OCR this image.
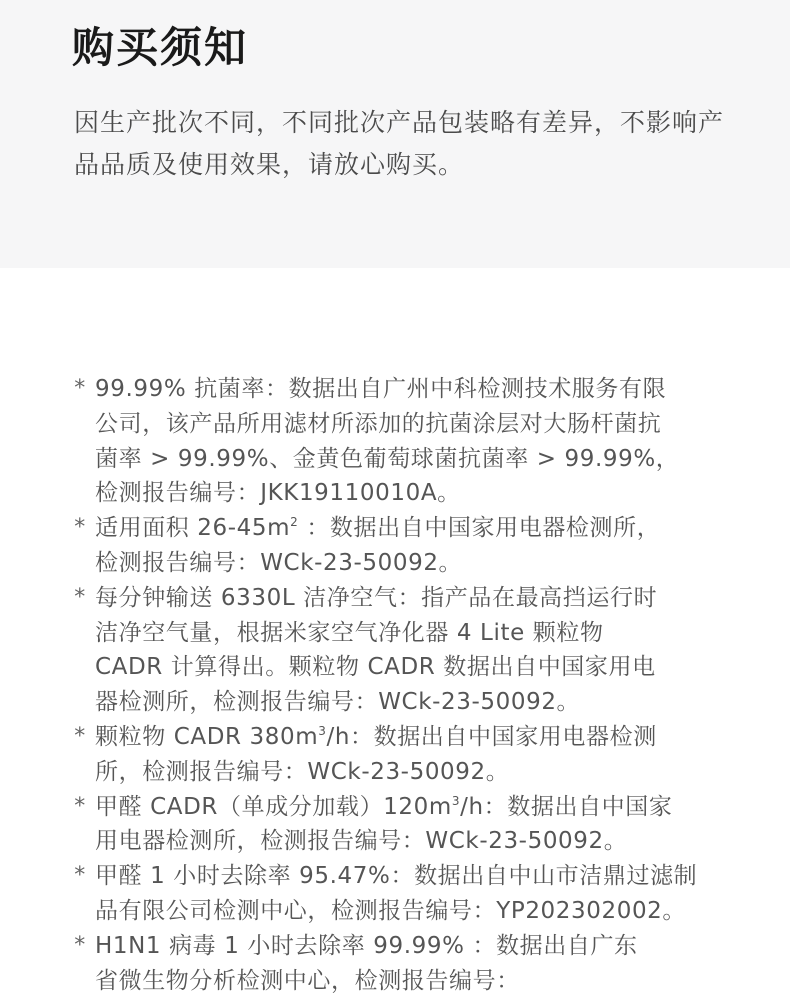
购买须知

因生产批次不同，不同批次产品包装略有差异，不影响产品品质及使用效果，请放心购买。

* 99.99% 抗菌率：数据出自广州中科检测技术服务有限
公司，该产品所用滤材所添加的抗菌涂层对大肠杆菌抗
菌率 > 99.99%、金黄色葡萄球菌抗菌率 > 99.99%，
检测报告编号：JKK19110010A。
* 适用面积 $26-45m^2$ ：数据出自中国家用电器检测所，
检测报告编号：WCk-23-50092。
* 每分钟输送 6330L 洁净空气：指产品在最高挡运行时
洁净空气量，根据米家空气净化器 4 Lite 颗粒物
CADR 计算得出。颗粒物 CADR 数据出自中国家用电
器检测所，检测报告编号：WCk-23-50092。
* 颗粒物 CADR $380m^3/h$：数据出自中国家用电器检测
所，检测报告编号：WCk-23-50092。
* 甲醛 CADR（单成分加载）$120m^3/h$：数据出自中国家
用电器检测所，检测报告编号：WCk-23-50092。
* 甲醛 1 小时去除率 95.47%：数据出自中山市洁鼎过滤制
品有限公司检测中心，检测报告编号：YP202302002。
* H1N1 病毒 1 小时去除率 99.99% ：数据出自广东
省微生物分析检测中心，检测报告编号：
